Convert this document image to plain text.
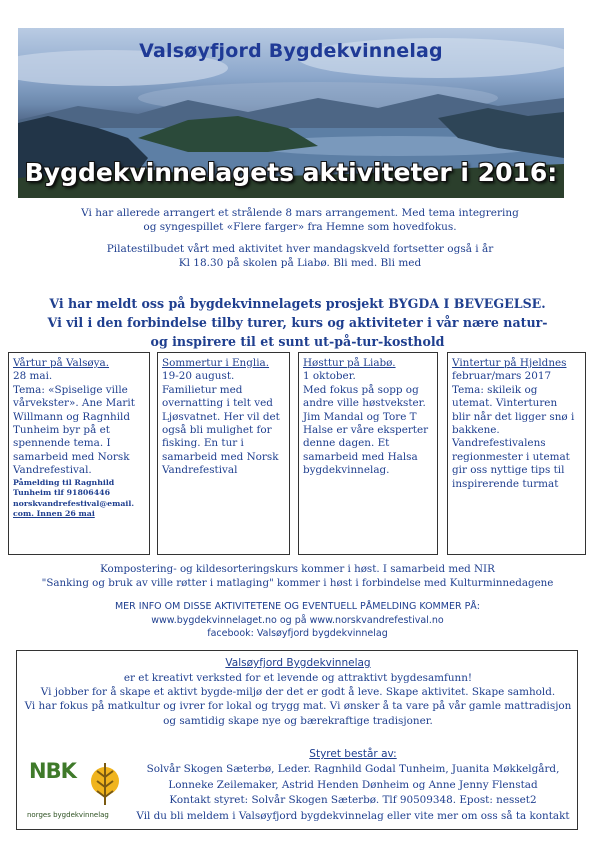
Valsøyfjord Bygdekvinnelag
Bygdekvinnelagets aktiviteter i 2016:
Vi har allerede arrangert et strålende 8 mars arrangement. Med tema integrering
og syngespillet «Flere farger» fra Hemne som hovedfokus.
Pilatestilbudet vårt med aktivitet hver mandagskveld fortsetter også i år
Kl 18.30 på skolen på Liabø. Bli med. Bli med
Vi har meldt oss på bygdekvinnelagets prosjekt BYGDA I BEVEGELSE.
Vi vil i den forbindelse tilby turer, kurs og aktiviteter i vår nære natur-
og inspirere til et sunt ut-på-tur-kosthold
Vårtur på Valsøya.
28 mai.
Tema: «Spiselige ville
vårvekster». Ane Marit
Willmann og Ragnhild
Tunheim byr på et
spennende tema. I
samarbeid med Norsk
Vandrefestival.
Påmelding til Ragnhild
Tunheim tlf 91806446
norskvandrefestival@email.
com. Innen 26 mai
Sommertur i Englia.
19-20 august.
Familietur med
overnatting i telt ved
Ljøsvatnet. Her vil det
også bli mulighet for
fisking. En tur i
samarbeid med Norsk
Vandrefestival
Høsttur på Liabø.
1 oktober.
Med fokus på sopp og
andre ville høstvekster.
Jim Mandal og Tore T
Halse er våre eksperter
denne dagen. Et
samarbeid med Halsa
bygdekvinnelag.
Vintertur på Hjeldnes
februar/mars 2017
Tema: skileik og
utemat. Vinterturen
blir når det ligger snø i
bakkene.
Vandrefestivalens
regionmester i utemat
gir oss nyttige tips til
inspirerende turmat
Kompostering- og kildesorteringskurs kommer i høst. I samarbeid med NIR
"Sanking og bruk av ville røtter i matlaging" kommer i høst i forbindelse med Kulturminnedagene
MER INFO OM DISSE AKTIVITETENE OG EVENTUELL PÅMELDING KOMMER PÅ:
www.bygdekvinnelaget.no og på www.norskvandrefestival.no
facebook: Valsøyfjord bygdekvinnelag
Valsøyfjord Bygdekvinnelag
er et kreativt verksted for et levende og attraktivt bygdesamfunn!
Vi jobber for å skape et aktivt bygde-miljø der det er godt å leve. Skape aktivitet. Skape samhold.
Vi har fokus på matkultur og ivrer for lokal og trygg mat. Vi ønsker å ta vare på vår gamle mattradisjon
og samtidig skape nye og bærekraftige tradisjoner.
NBK
norges bygdekvinnelag
Styret består av:
Solvår Skogen Sæterbø, Leder. Ragnhild Godal Tunheim, Juanita Møkkelgård,
Lonneke Zeilemaker, Astrid Henden Dønheim og Anne Jenny Flenstad
Kontakt styret: Solvår Skogen Sæterbø. Tlf 90509348. Epost: nesset2
Vil du bli meldem i Valsøyfjord bygdekvinnelag eller vite mer om oss så ta kontakt
